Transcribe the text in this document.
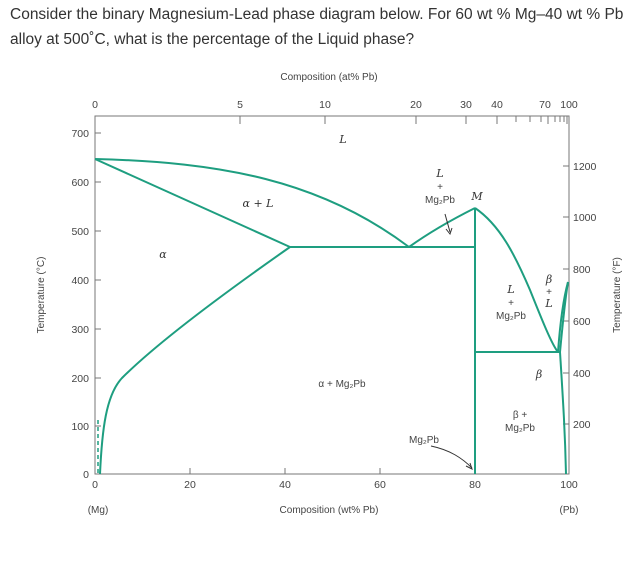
Consider the binary Magnesium-Lead phase diagram below. For 60 wt % Mg–40 wt % Pb alloy at 500˚C, what is the percentage of the Liquid phase?
Composition (at% Pb)
Composition (wt% Pb)
Temperature (°C)	Temperature (°F)
0	5	10	20	30 40	70 100
700
600
500
400
300
200
100
0
1200
1000
800
600
400
200
0	20	40	60	80	100
(Mg)	(Pb)
L
α + L
α
L
+
Mg₂Pb M
α + Mg₂Pb
L
+
Mg₂Pb
β
+
L
β
β +
Mg₂Pb
Mg₂Pb
